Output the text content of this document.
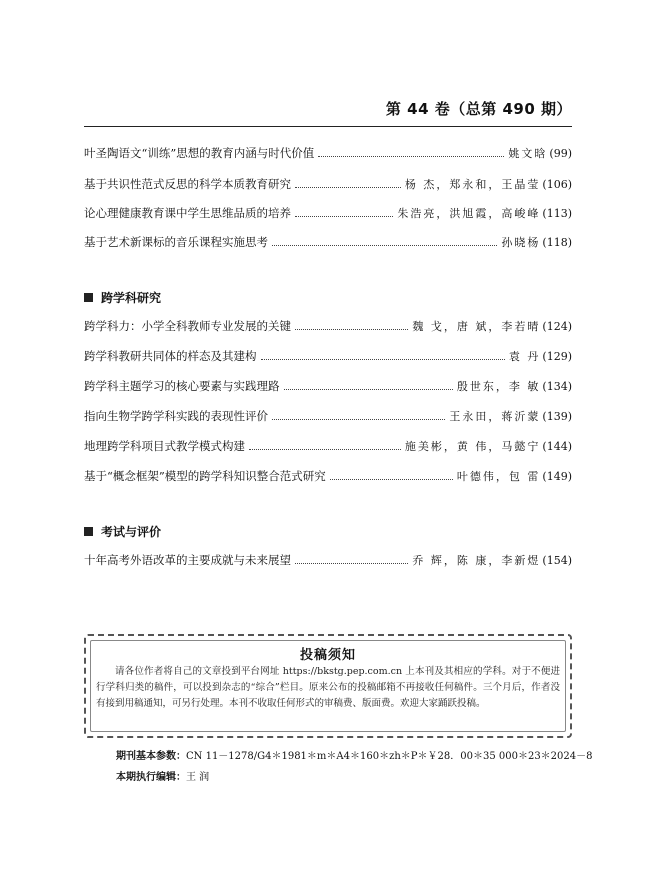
第 44 卷（总第 490 期）
叶圣陶语文“训练”思想的教育内涵与时代价值	姚文晗 (99)
基于共识性范式反思的科学本质教育研究	杨 杰，郑永和，王晶莹 (106)
论心理健康教育课中学生思维品质的培养	朱浩亮，洪旭霞，高峻峰 (113)
基于艺术新课标的音乐课程实施思考	孙晓杨 (118)
跨学科研究
跨学科力：小学全科教师专业发展的关键	魏 戈，唐 斌，李若晴 (124)
跨学科教研共同体的样态及其建构	袁 丹 (129)
跨学科主题学习的核心要素与实践理路	殷世东，李 敏 (134)
指向生物学跨学科实践的表现性评价	王永田，蒋沂蒙 (139)
地理跨学科项目式教学模式构建	施美彬，黄 伟，马懿宁 (144)
基于“概念框架”模型的跨学科知识整合范式研究	叶德伟，包 雷 (149)
考试与评价
十年高考外语改革的主要成就与未来展望	乔 辉，陈 康，李新煜 (154)
投稿须知
请各位作者将自己的文章投到平台网址 https://bkstg.pep.com.cn 上本刊及其相应的学科。对于不便进行学科归类的稿件，可以投到杂志的“综合”栏目。原来公布的投稿邮箱不再接收任何稿件。三个月后，作者没有接到用稿通知，可另行处理。本刊不收取任何形式的审稿费、版面费。欢迎大家踊跃投稿。
期刊基本参数：CN 11－1278/G4＊1981＊m＊A4＊160＊zh＊P＊￥28．00＊35 000＊23＊2024－8
本期执行编辑：王 润
